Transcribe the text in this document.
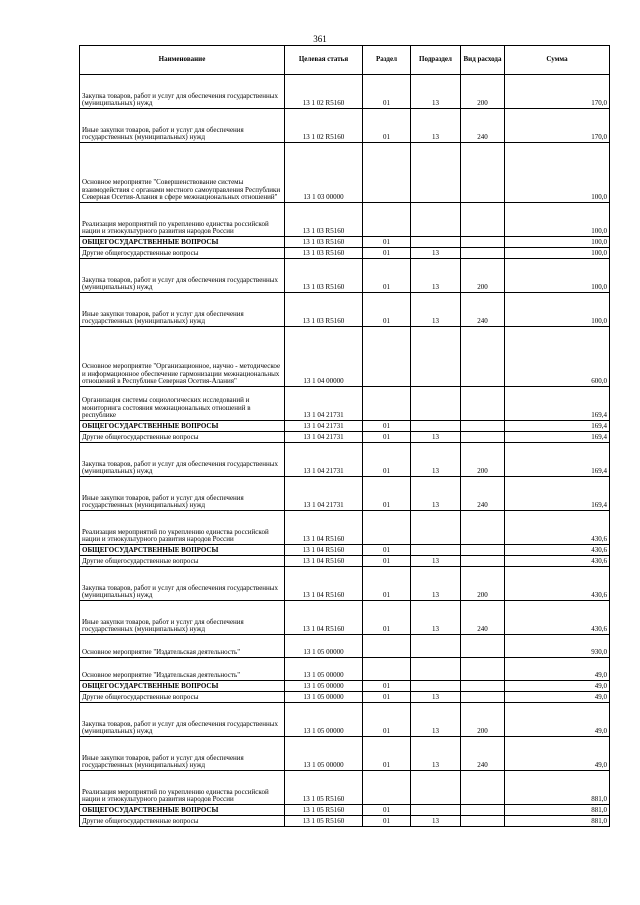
361
Наименование	Целевая статья	Раздел	Подраздел	Вид расхода	Сумма
Закупка товаров, работ и услуг для обеспечения государственных (муниципальных) нужд	13 1 02 R5160	01	13	200	170,0
Иные закупки товаров, работ и услуг для обеспечения государственных (муниципальных) нужд	13 1 02 R5160	01	13	240	170,0
Основное мероприятие "Совершенствование системы взаимодействия с органами местного самоуправления Республики Северная Осетия-Алания в сфере межнациональных отношений"	13 1 03 00000				100,0
Реализация мероприятий по укреплению единства российской нации и этнокультурного развития народов России	13 1 03 R5160				100,0
ОБЩЕГОСУДАРСТВЕННЫЕ ВОПРОСЫ	13 1 03 R5160	01			100,0
Другие общегосударственные вопросы	13 1 03 R5160	01	13		100,0
Закупка товаров, работ и услуг для обеспечения государственных (муниципальных) нужд	13 1 03 R5160	01	13	200	100,0
Иные закупки товаров, работ и услуг для обеспечения государственных (муниципальных) нужд	13 1 03 R5160	01	13	240	100,0
Основное мероприятие "Организационное, научно - методическое и информационное обеспечение гармонизации межнациональных отношений в Республике Северная Осетия-Алания"	13 1 04 00000				600,0
Организация системы социологических исследований и мониторинга состояния межнациональных отношений в республике	13 1 04 21731				169,4
ОБЩЕГОСУДАРСТВЕННЫЕ ВОПРОСЫ	13 1 04 21731	01			169,4
Другие общегосударственные вопросы	13 1 04 21731	01	13		169,4
Закупка товаров, работ и услуг для обеспечения государственных (муниципальных) нужд	13 1 04 21731	01	13	200	169,4
Иные закупки товаров, работ и услуг для обеспечения государственных (муниципальных) нужд	13 1 04 21731	01	13	240	169,4
Реализация мероприятий по укреплению единства российской нации и этнокультурного развития народов России	13 1 04 R5160				430,6
ОБЩЕГОСУДАРСТВЕННЫЕ ВОПРОСЫ	13 1 04 R5160	01			430,6
Другие общегосударственные вопросы	13 1 04 R5160	01	13		430,6
Закупка товаров, работ и услуг для обеспечения государственных (муниципальных) нужд	13 1 04 R5160	01	13	200	430,6
Иные закупки товаров, работ и услуг для обеспечения государственных (муниципальных) нужд	13 1 04 R5160	01	13	240	430,6
Основное мероприятие "Издательская деятельность"	13 1 05 00000				930,0
Основное мероприятие "Издательская деятельность"	13 1 05 00000				49,0
ОБЩЕГОСУДАРСТВЕННЫЕ ВОПРОСЫ	13 1 05 00000	01			49,0
Другие общегосударственные вопросы	13 1 05 00000	01	13		49,0
Закупка товаров, работ и услуг для обеспечения государственных (муниципальных) нужд	13 1 05 00000	01	13	200	49,0
Иные закупки товаров, работ и услуг для обеспечения государственных (муниципальных) нужд	13 1 05 00000	01	13	240	49,0
Реализация мероприятий по укреплению единства российской нации и этнокультурного развития народов России	13 1 05 R5160				881,0
ОБЩЕГОСУДАРСТВЕННЫЕ ВОПРОСЫ	13 1 05 R5160	01			881,0
Другие общегосударственные вопросы	13 1 05 R5160	01	13		881,0
